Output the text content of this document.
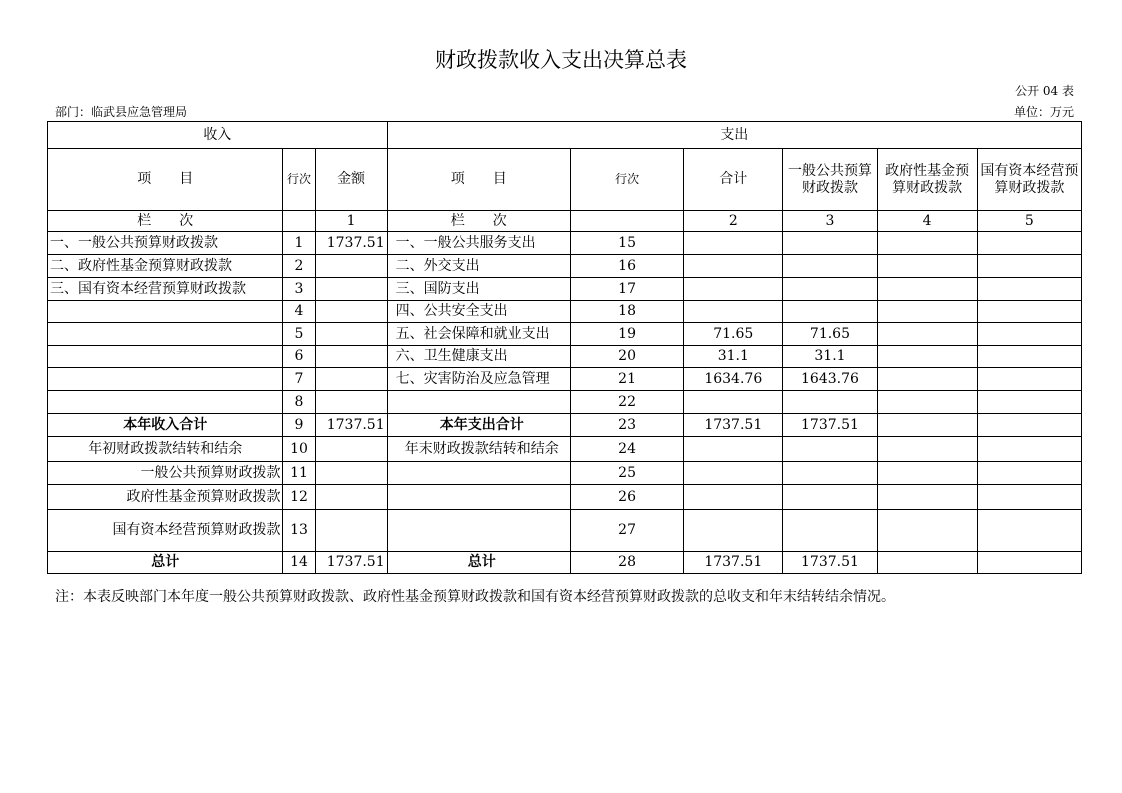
财政拨款收入支出决算总表
公开 04 表
部门：临武县应急管理局	单位：万元
收入			支出					
项　　目	行次	金额	项　　目	行次	合计	一般公共预算财政拨款	政府性基金预算财政拨款	国有资本经营预算财政拨款
栏　　次		1	栏　　次		2	3	4	5
一、一般公共预算财政拨款	1	1737.51	一、一般公共服务支出	15				
二、政府性基金预算财政拨款	2		二、外交支出	16				
三、国有资本经营预算财政拨款	3		三、国防支出	17				
	4		四、公共安全支出	18				
	5		五、社会保障和就业支出	19	71.65	71.65		
	6		六、卫生健康支出	20	31.1	31.1		
	7		七、灾害防治及应急管理	21	1634.76	1643.76		
	8			22				
本年收入合计	9	1737.51	本年支出合计	23	1737.51	1737.51		
年初财政拨款结转和结余	10		年末财政拨款结转和结余	24				
一般公共预算财政拨款	11			25				
政府性基金预算财政拨款	12			26				
国有资本经营预算财政拨款	13			27				
总计	14	1737.51	总计	28	1737.51	1737.51		
注：本表反映部门本年度一般公共预算财政拨款、政府性基金预算财政拨款和国有资本经营预算财政拨款的总收支和年末结转结余情况。
